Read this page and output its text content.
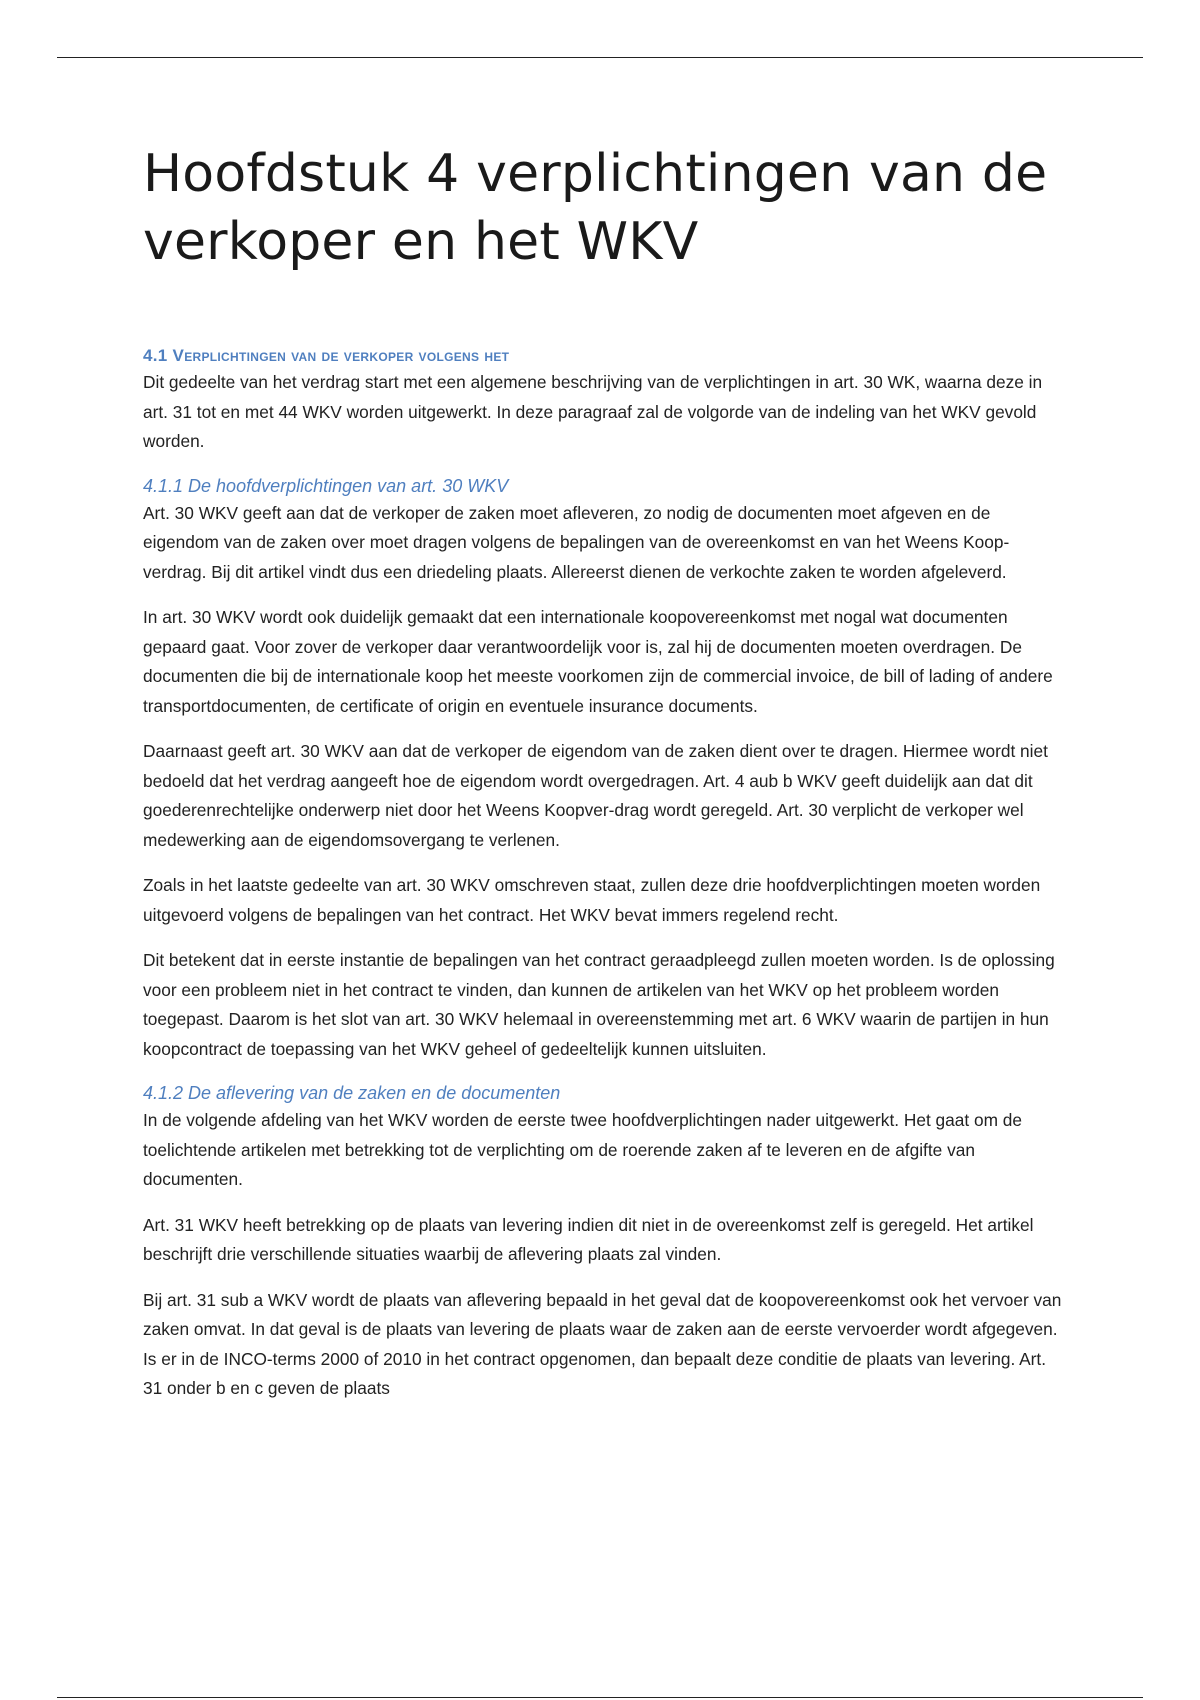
Hoofdstuk 4 verplichtingen van de verkoper en het WKV
4.1 Verplichtingen van de verkoper volgens het

Dit gedeelte van het verdrag start met een algemene beschrijving van de verplichtingen in art. 30 WK, waarna deze in art. 31 tot en met 44 WKV worden uitgewerkt. In deze paragraaf zal de volgorde van de indeling van het WKV gevold worden.

4.1.1 De hoofdverplichtingen van art. 30 WKV

Art. 30 WKV geeft aan dat de verkoper de zaken moet afleveren, zo nodig de documenten moet afgeven en de eigendom van de zaken over moet dragen volgens de bepalingen van de overeenkomst en van het Weens Koop-verdrag. Bij dit artikel vindt dus een driedeling plaats. Allereerst dienen de verkochte zaken te worden afgeleverd.

In art. 30 WKV wordt ook duidelijk gemaakt dat een internationale koopovereenkomst met nogal wat documenten gepaard gaat. Voor zover de verkoper daar verantwoordelijk voor is, zal hij de documenten moeten overdragen. De documenten die bij de internationale koop het meeste voorkomen zijn de commercial invoice, de bill of lading of andere transportdocumenten, de certificate of origin en eventuele insurance documents.

Daarnaast geeft art. 30 WKV aan dat de verkoper de eigendom van de zaken dient over te dragen. Hiermee wordt niet bedoeld dat het verdrag aangeeft hoe de eigendom wordt overgedragen. Art. 4 aub b WKV geeft duidelijk aan dat dit goederenrechtelijke onderwerp niet door het Weens Koopver-drag wordt geregeld. Art. 30 verplicht de verkoper wel medewerking aan de eigendomsovergang te verlenen.

Zoals in het laatste gedeelte van art. 30 WKV omschreven staat, zullen deze drie hoofdverplichtingen moeten worden uitgevoerd volgens de bepalingen van het contract. Het WKV bevat immers regelend recht.

Dit betekent dat in eerste instantie de bepalingen van het contract geraadpleegd zullen moeten worden. Is de oplossing voor een probleem niet in het contract te vinden, dan kunnen de artikelen van het WKV op het probleem worden toegepast. Daarom is het slot van art. 30 WKV helemaal in overeenstemming met art. 6 WKV waarin de partijen in hun koopcontract de toepassing van het WKV geheel of gedeeltelijk kunnen uitsluiten.

4.1.2 De aflevering van de zaken en de documenten

In de volgende afdeling van het WKV worden de eerste twee hoofdverplichtingen nader uitgewerkt. Het gaat om de toelichtende artikelen met betrekking tot de verplichting om de roerende zaken af te leveren en de afgifte van documenten.

Art. 31 WKV heeft betrekking op de plaats van levering indien dit niet in de overeenkomst zelf is geregeld. Het artikel beschrijft drie verschillende situaties waarbij de aflevering plaats zal vinden.

Bij art. 31 sub a WKV wordt de plaats van aflevering bepaald in het geval dat de koopovereenkomst ook het vervoer van zaken omvat. In dat geval is de plaats van levering de plaats waar de zaken aan de eerste vervoerder wordt afgegeven. Is er in de INCO-terms 2000 of 2010 in het contract opgenomen, dan bepaalt deze conditie de plaats van levering. Art. 31 onder b en c geven de plaats
